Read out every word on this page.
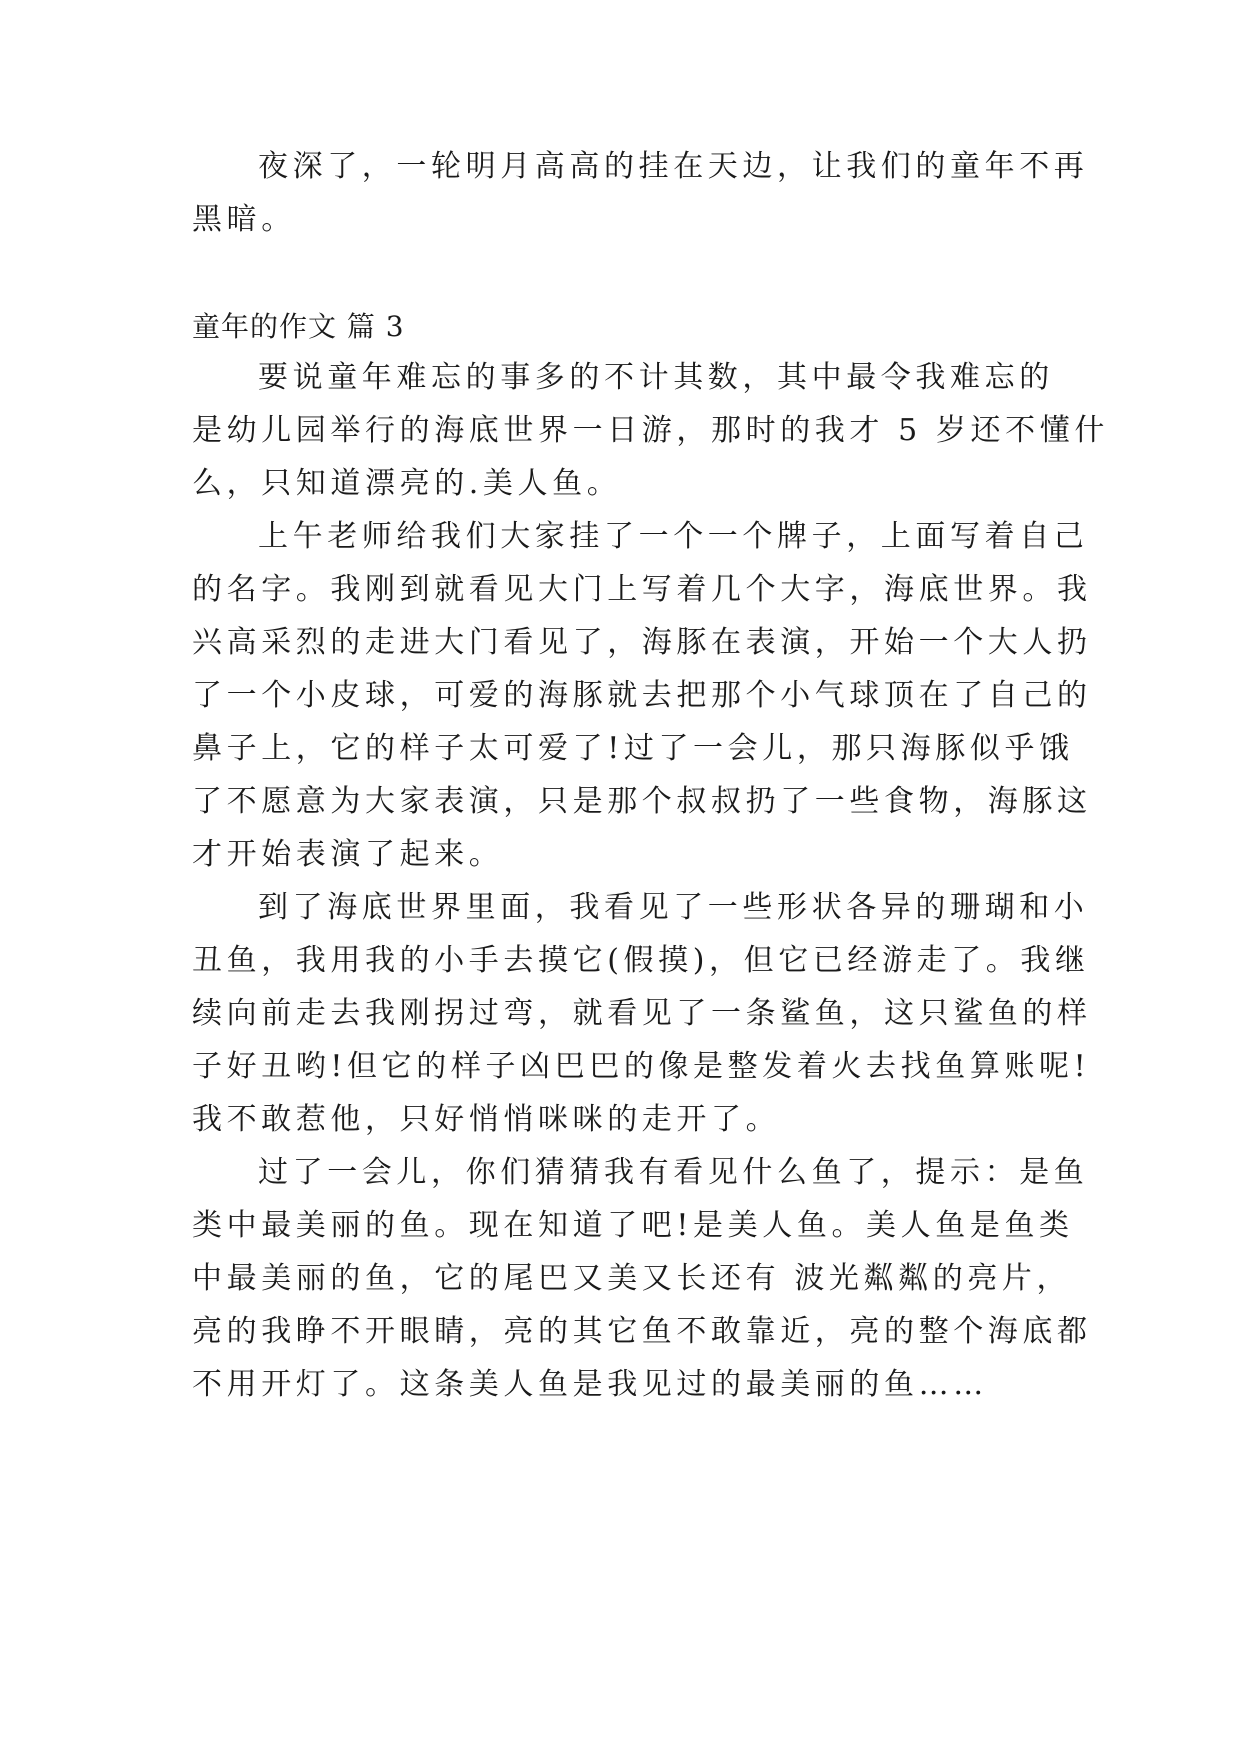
夜深了，一轮明月高高的挂在天边，让我们的童年不再
黑暗。
童年的作文 篇 3
要说童年难忘的事多的不计其数，其中最令我难忘的
是幼儿园举行的海底世界一日游，那时的我才 5 岁还不懂什
么，只知道漂亮的.美人鱼。
上午老师给我们大家挂了一个一个牌子，上面写着自己
的名字。我刚到就看见大门上写着几个大字，海底世界。我
兴高采烈的走进大门看见了，海豚在表演，开始一个大人扔
了一个小皮球，可爱的海豚就去把那个小气球顶在了自己的
鼻子上，它的样子太可爱了!过了一会儿，那只海豚似乎饿
了不愿意为大家表演，只是那个叔叔扔了一些食物，海豚这
才开始表演了起来。
到了海底世界里面，我看见了一些形状各异的珊瑚和小
丑鱼，我用我的小手去摸它(假摸)，但它已经游走了。我继
续向前走去我刚拐过弯，就看见了一条鲨鱼，这只鲨鱼的样
子好丑哟!但它的样子凶巴巴的像是整发着火去找鱼算账呢!
我不敢惹他，只好悄悄咪咪的走开了。
过了一会儿，你们猜猜我有看见什么鱼了，提示：是鱼
类中最美丽的鱼。现在知道了吧!是美人鱼。美人鱼是鱼类
中最美丽的鱼，它的尾巴又美又长还有 波光粼粼的亮片，
亮的我睁不开眼睛，亮的其它鱼不敢靠近，亮的整个海底都
不用开灯了。这条美人鱼是我见过的最美丽的鱼……
